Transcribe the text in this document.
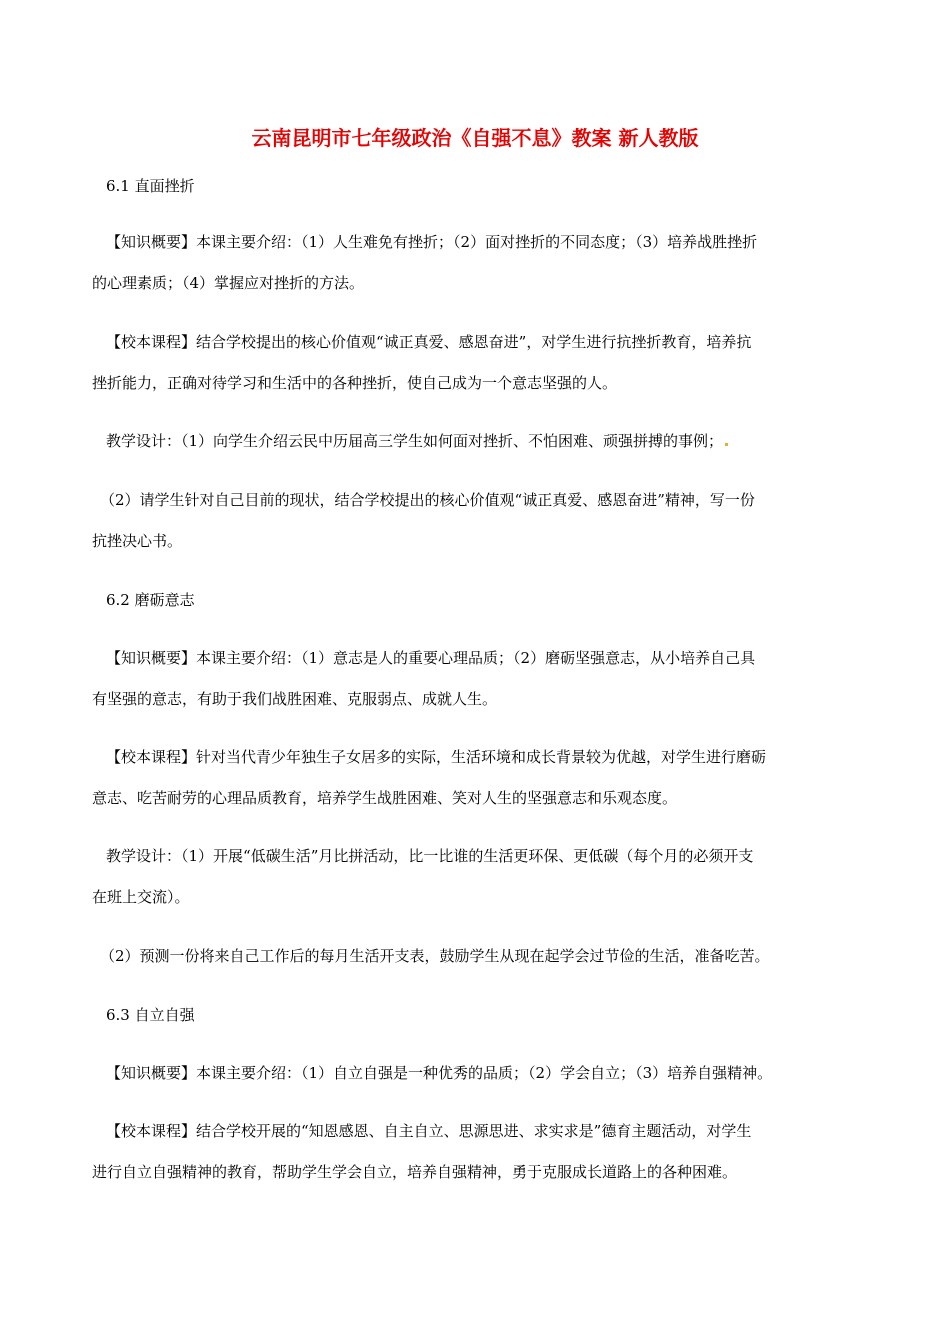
云南昆明市七年级政治《自强不息》教案 新人教版
6.1 直面挫折
【知识概要】本课主要介绍：（1）人生难免有挫折；（2）面对挫折的不同态度；（3）培养战胜挫折
的心理素质；（4）掌握应对挫折的方法。
【校本课程】结合学校提出的核心价值观“诚正真爱、感恩奋进”，对学生进行抗挫折教育，培养抗
挫折能力，正确对待学习和生活中的各种挫折，使自己成为一个意志坚强的人。
教学设计：（1）向学生介绍云民中历届高三学生如何面对挫折、不怕困难、顽强拼搏的事例；
（2）请学生针对自己目前的现状，结合学校提出的核心价值观“诚正真爱、感恩奋进”精神，写一份
抗挫决心书。
6.2 磨砺意志
【知识概要】本课主要介绍：（1）意志是人的重要心理品质；（2）磨砺坚强意志，从小培养自己具
有坚强的意志，有助于我们战胜困难、克服弱点、成就人生。
【校本课程】针对当代青少年独生子女居多的实际，生活环境和成长背景较为优越，对学生进行磨砺
意志、吃苦耐劳的心理品质教育，培养学生战胜困难、笑对人生的坚强意志和乐观态度。
教学设计：（1）开展“低碳生活”月比拼活动，比一比谁的生活更环保、更低碳（每个月的必须开支
在班上交流）。
（2）预测一份将来自己工作后的每月生活开支表，鼓励学生从现在起学会过节俭的生活，准备吃苦。
6.3 自立自强
【知识概要】本课主要介绍：（1）自立自强是一种优秀的品质；（2）学会自立；（3）培养自强精神。
【校本课程】结合学校开展的“知恩感恩、自主自立、思源思进、求实求是”德育主题活动，对学生
进行自立自强精神的教育，帮助学生学会自立，培养自强精神，勇于克服成长道路上的各种困难。
